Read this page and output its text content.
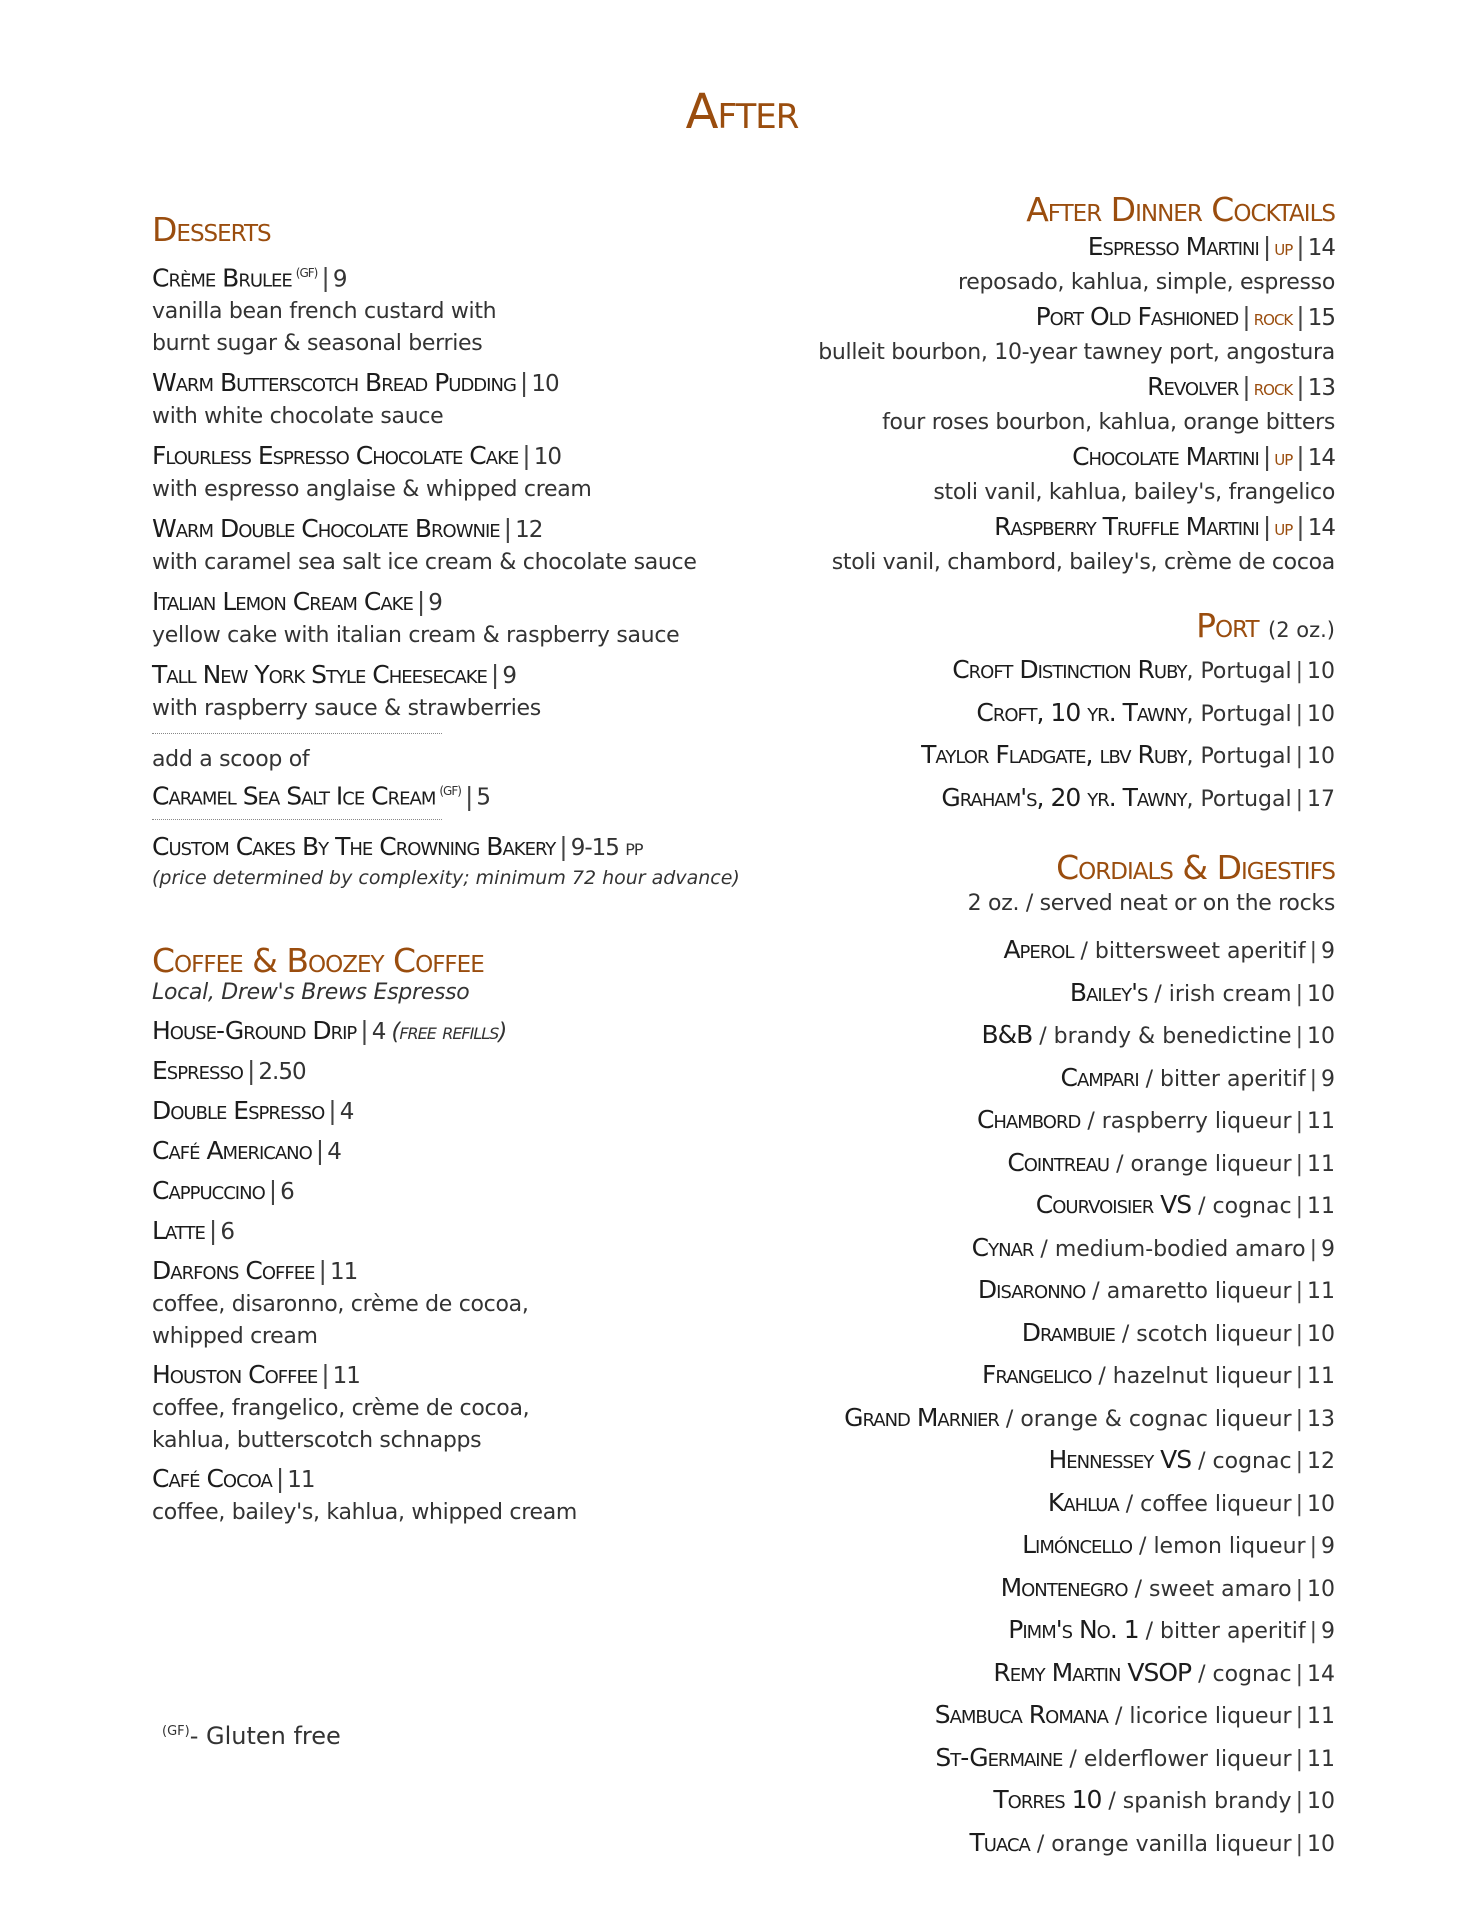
After
Desserts
Crème Brulee $^{(GF)}$ | 9
vanilla bean french custard with
burnt sugar & seasonal berries
Warm Butterscotch Bread Pudding | 10
with white chocolate sauce
Flourless Espresso Chocolate Cake | 10
with espresso anglaise & whipped cream
Warm Double Chocolate Brownie | 12
with caramel sea salt ice cream & chocolate sauce
Italian Lemon Cream Cake | 9
yellow cake with italian cream & raspberry sauce
Tall New York Style Cheesecake | 9
with raspberry sauce & strawberries
add a scoop of
Caramel Sea Salt Ice Cream $^{(GF)}$ | 5
Custom Cakes By The Crowning Bakery | 9-15 pp
(price determined by complexity; minimum 72 hour advance)
Coffee & Boozey Coffee
Local, Drew's Brews Espresso
House-Ground Drip | 4 (free refills)
Espresso | 2.50
Double Espresso | 4
Café Americano | 4
Cappuccino | 6
Latte | 6
Darfons Coffee | 11
coffee, disaronno, crème de cocoa,
whipped cream
Houston Coffee | 11
coffee, frangelico, crème de cocoa,
kahlua, butterscotch schnapps
Café Cocoa | 11
coffee, bailey's, kahlua, whipped cream
After Dinner Cocktails
Espresso Martini | up | 14
reposado, kahlua, simple, espresso
Port Old Fashioned | rock | 15
bulleit bourbon, 10-year tawney port, angostura
Revolver | rock | 13
four roses bourbon, kahlua, orange bitters
Chocolate Martini | up | 14
stoli vanil, kahlua, bailey's, frangelico
Raspberry Truffle Martini | up | 14
stoli vanil, chambord, bailey's, crème de cocoa
Port (2 oz.)
Croft Distinction Ruby, Portugal | 10
Croft, 10 yr. Tawny, Portugal | 10
Taylor Fladgate, lbv Ruby, Portugal | 10
Graham's, 20 yr. Tawny, Portugal | 17
Cordials & Digestifs
2 oz. / served neat or on the rocks
Aperol / bittersweet aperitif | 9
Bailey's / irish cream | 10
B&B / brandy & benedictine | 10
Campari / bitter aperitif | 9
Chambord / raspberry liqueur | 11
Cointreau / orange liqueur | 11
Courvoisier VS / cognac | 11
Cynar / medium-bodied amaro | 9
Disaronno / amaretto liqueur | 11
Drambuie / scotch liqueur | 10
Frangelico / hazelnut liqueur | 11
Grand Marnier / orange & cognac liqueur | 13
Hennessey VS / cognac | 12
Kahlua / coffee liqueur | 10
Limóncello / lemon liqueur | 9
Montenegro / sweet amaro | 10
Pimm's No. 1 / bitter aperitif | 9
Remy Martin VSOP / cognac | 14
Sambuca Romana / licorice liqueur | 11
St-Germaine / elderflower liqueur | 11
Torres 10 / spanish brandy | 10
Tuaca / orange vanilla liqueur | 10
$^{(GF)}$- Gluten free
